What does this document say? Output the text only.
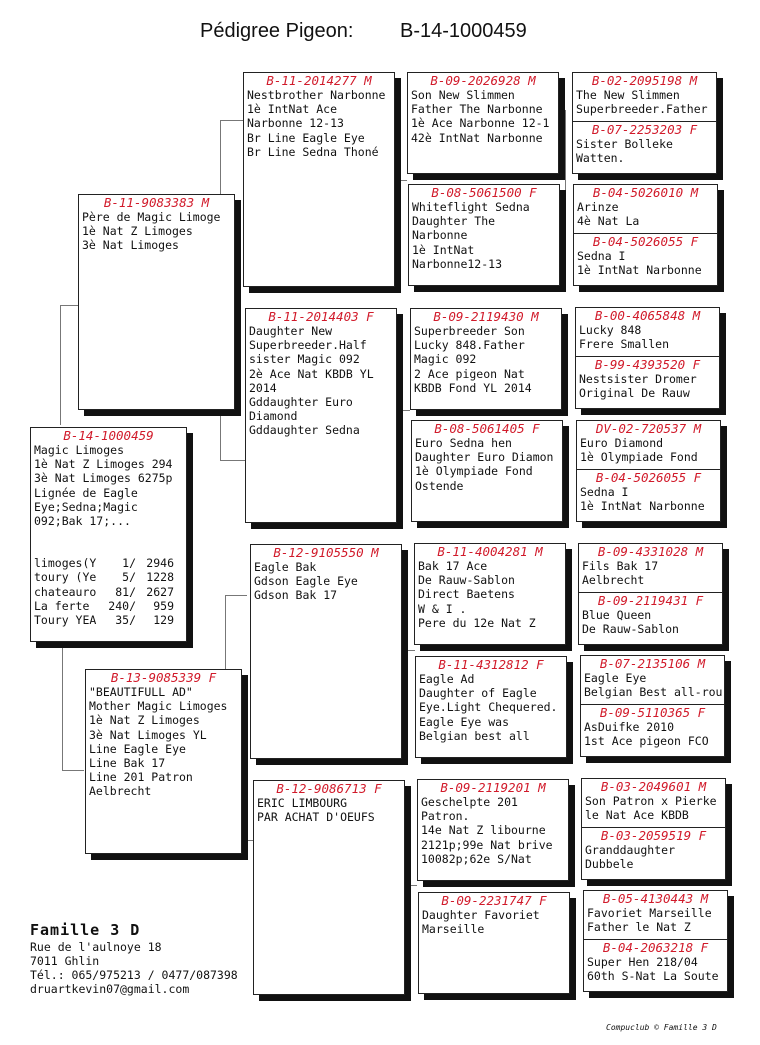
Pédigree Pigeon: B-14-1000459
B-14-1000459
Magic Limoges
1è Nat Z Limoges 294
3è Nat Limoges 6275p
Lignée de Eagle
Eye;Sedna;Magic
092;Bak 17;...
limoges(Y	1/ 2946
toury (Ye	5/ 1228
chateauro	81/ 2627
La ferte	240/	959
Toury YEA	35/	129
B-11-9083383 M
Père de Magic Limoge
1è Nat Z Limoges
3è Nat Limoges
B-13-9085339 F
"BEAUTIFULL AD"
Mother Magic Limoges
1è Nat Z Limoges
3è Nat Limoges YL
Line Eagle Eye
Line Bak 17
Line 201 Patron
Aelbrecht
B-11-2014277 M
Nestbrother Narbonne
1è IntNat Ace
Narbonne 12-13
Br Line Eagle Eye
Br Line Sedna Thoné
B-11-2014403 F
Daughter New
Superbreeder.Half
sister Magic 092
2è Ace Nat KBDB YL
2014
Gddaughter Euro
Diamond
Gddaughter Sedna
B-12-9105550 M
Eagle Bak
Gdson Eagle Eye
Gdson Bak 17
B-12-9086713 F
ERIC LIMBOURG
PAR ACHAT D'OEUFS
B-09-2026928 M
Son New Slimmen
Father The Narbonne
1è Ace Narbonne 12-1
42è IntNat Narbonne
B-08-5061500 F
Whiteflight Sedna
Daughter The
Narbonne
1è IntNat
Narbonne12-13
B-09-2119430 M
Superbreeder Son
Lucky 848.Father
Magic 092
2 Ace pigeon Nat
KBDB Fond YL 2014
B-08-5061405 F
Euro Sedna hen
Daughter Euro Diamon
1è Olympiade Fond
Ostende
B-11-4004281 M
Bak 17 Ace
De Rauw-Sablon
Direct Baetens
W & I .
Pere du 12e Nat Z
B-11-4312812 F
Eagle Ad
Daughter of Eagle
Eye.Light Chequered.
Eagle Eye was
Belgian best all
B-09-2119201 M
Geschelpte 201
Patron.
14e Nat Z libourne
2121p;99e Nat brive
10082p;62e S/Nat
B-09-2231747 F
Daughter Favoriet
Marseille
B-02-2095198 M
The New Slimmen
Superbreeder.Father
B-07-2253203 F
Sister Bolleke
Watten.
B-04-5026010 M
Arinze
4è Nat La
B-04-5026055 F
Sedna I
1è IntNat Narbonne
B-00-4065848 M
Lucky 848
Frere Smallen
B-99-4393520 F
Nestsister Dromer
Original De Rauw
DV-02-720537 M
Euro Diamond
1è Olympiade Fond
B-04-5026055 F
Sedna I
1è IntNat Narbonne
B-09-4331028 M
Fils Bak 17
Aelbrecht
B-09-2119431 F
Blue Queen
De Rauw-Sablon
B-07-2135106 M
Eagle Eye
Belgian Best all-rou
B-09-5110365 F
AsDuifke 2010
1st Ace pigeon FCO
B-03-2049601 M
Son Patron x Pierke
le Nat Ace KBDB
B-03-2059519 F
Granddaughter
Dubbele
B-05-4130443 M
Favoriet Marseille
Father le Nat Z
B-04-2063218 F
Super Hen 218/04
60th S-Nat La Soute
Famille 3 D
Rue de l'aulnoye 18
7011 Ghlin
Tél.: 065/975213 / 0477/087398
druartkevin07@gmail.com
Compuclub © Famille 3 D
